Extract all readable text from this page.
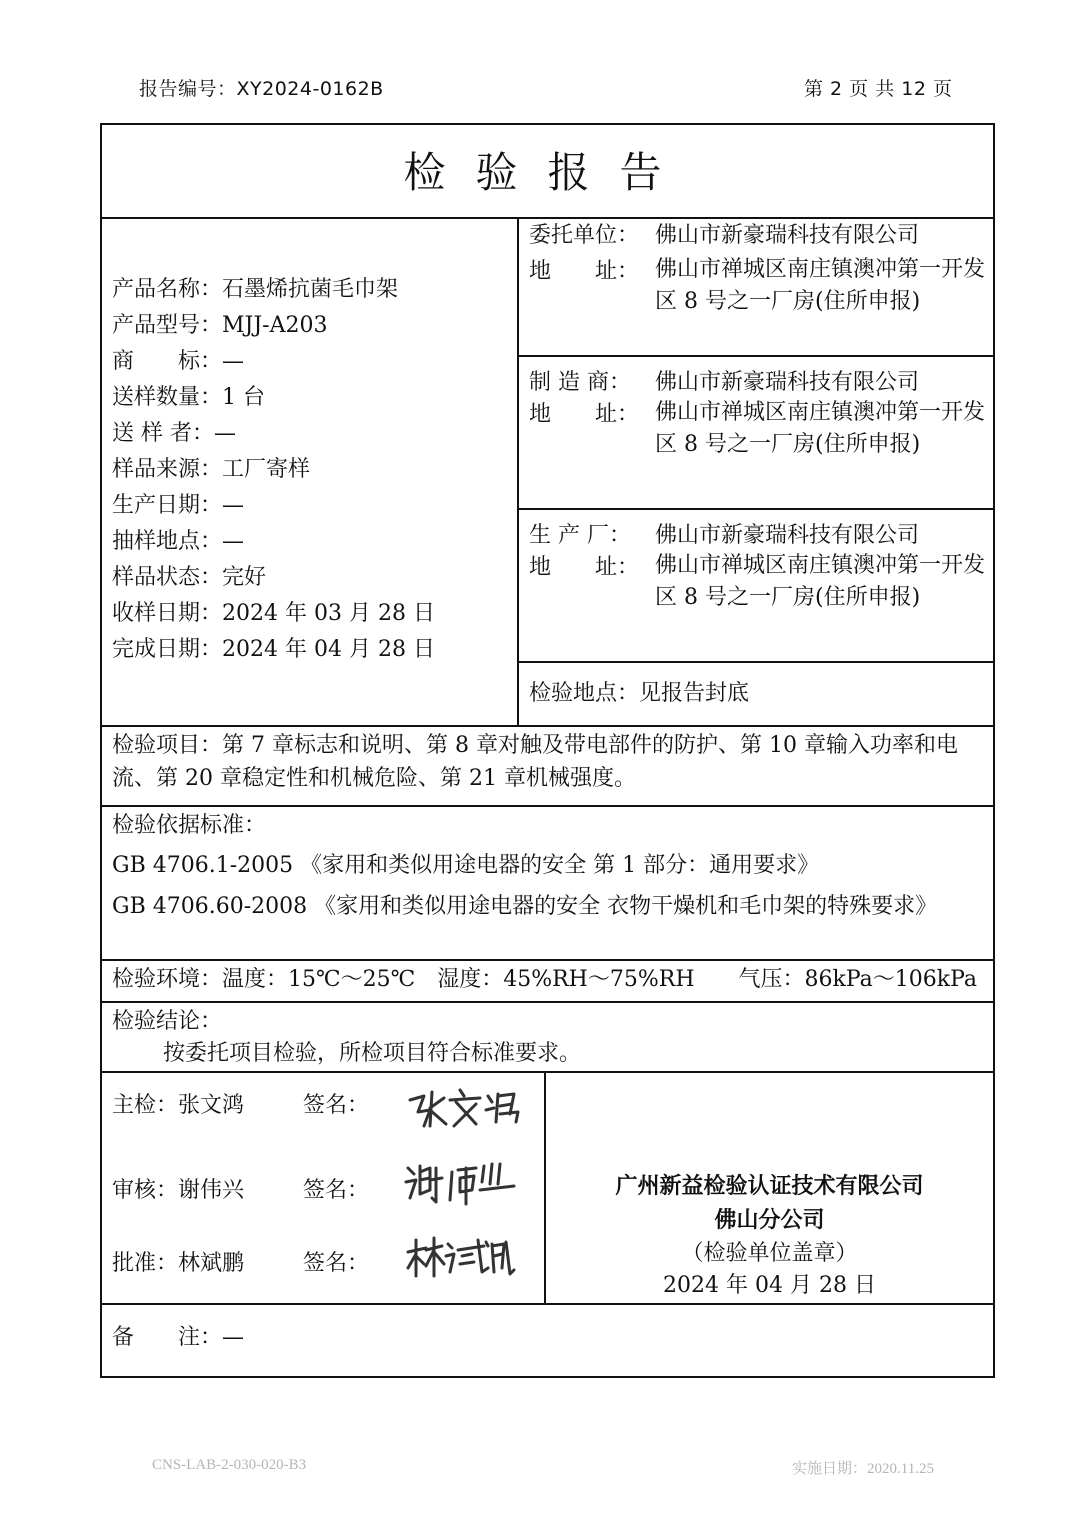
报告编号：XY2024-0162B	第 2 页 共 12 页
检验报告
产品名称：石墨烯抗菌毛巾架
产品型号：MJJ-A203
商　　标：—
送样数量：1 台
送 样 者：—
样品来源：工厂寄样
生产日期：—
抽样地点：—
样品状态：完好
收样日期：2024 年 03 月 28 日
完成日期：2024 年 04 月 28 日
委托单位： 佛山市新豪瑞科技有限公司
地　　址： 佛山市禅城区南庄镇澳冲第一开发区 8 号之一厂房(住所申报)
制 造 商： 佛山市新豪瑞科技有限公司
地　　址： 佛山市禅城区南庄镇澳冲第一开发区 8 号之一厂房(住所申报)
生 产 厂： 佛山市新豪瑞科技有限公司
地　　址： 佛山市禅城区南庄镇澳冲第一开发区 8 号之一厂房(住所申报)
检验地点：见报告封底
检验项目：第 7 章标志和说明、第 8 章对触及带电部件的防护、第 10 章输入功率和电流、第 20 章稳定性和机械危险、第 21 章机械强度。
检验依据标准：
GB 4706.1-2005 《家用和类似用途电器的安全 第 1 部分：通用要求》
GB 4706.60-2008 《家用和类似用途电器的安全 衣物干燥机和毛巾架的特殊要求》
检验环境：温度：15℃～25℃　湿度：45%RH～75%RH　　气压：86kPa～106kPa
检验结论：
按委托项目检验，所检项目符合标准要求。
主检：张文鸿	签名：
审核：谢伟兴	签名：
批准：林斌鹏	签名：
广州新益检验认证技术有限公司
佛山分公司
（检验单位盖章）
2024 年 04 月 28 日
备　　注：—
CNS-LAB-2-030-020-B3	实施日期：2020.11.25
